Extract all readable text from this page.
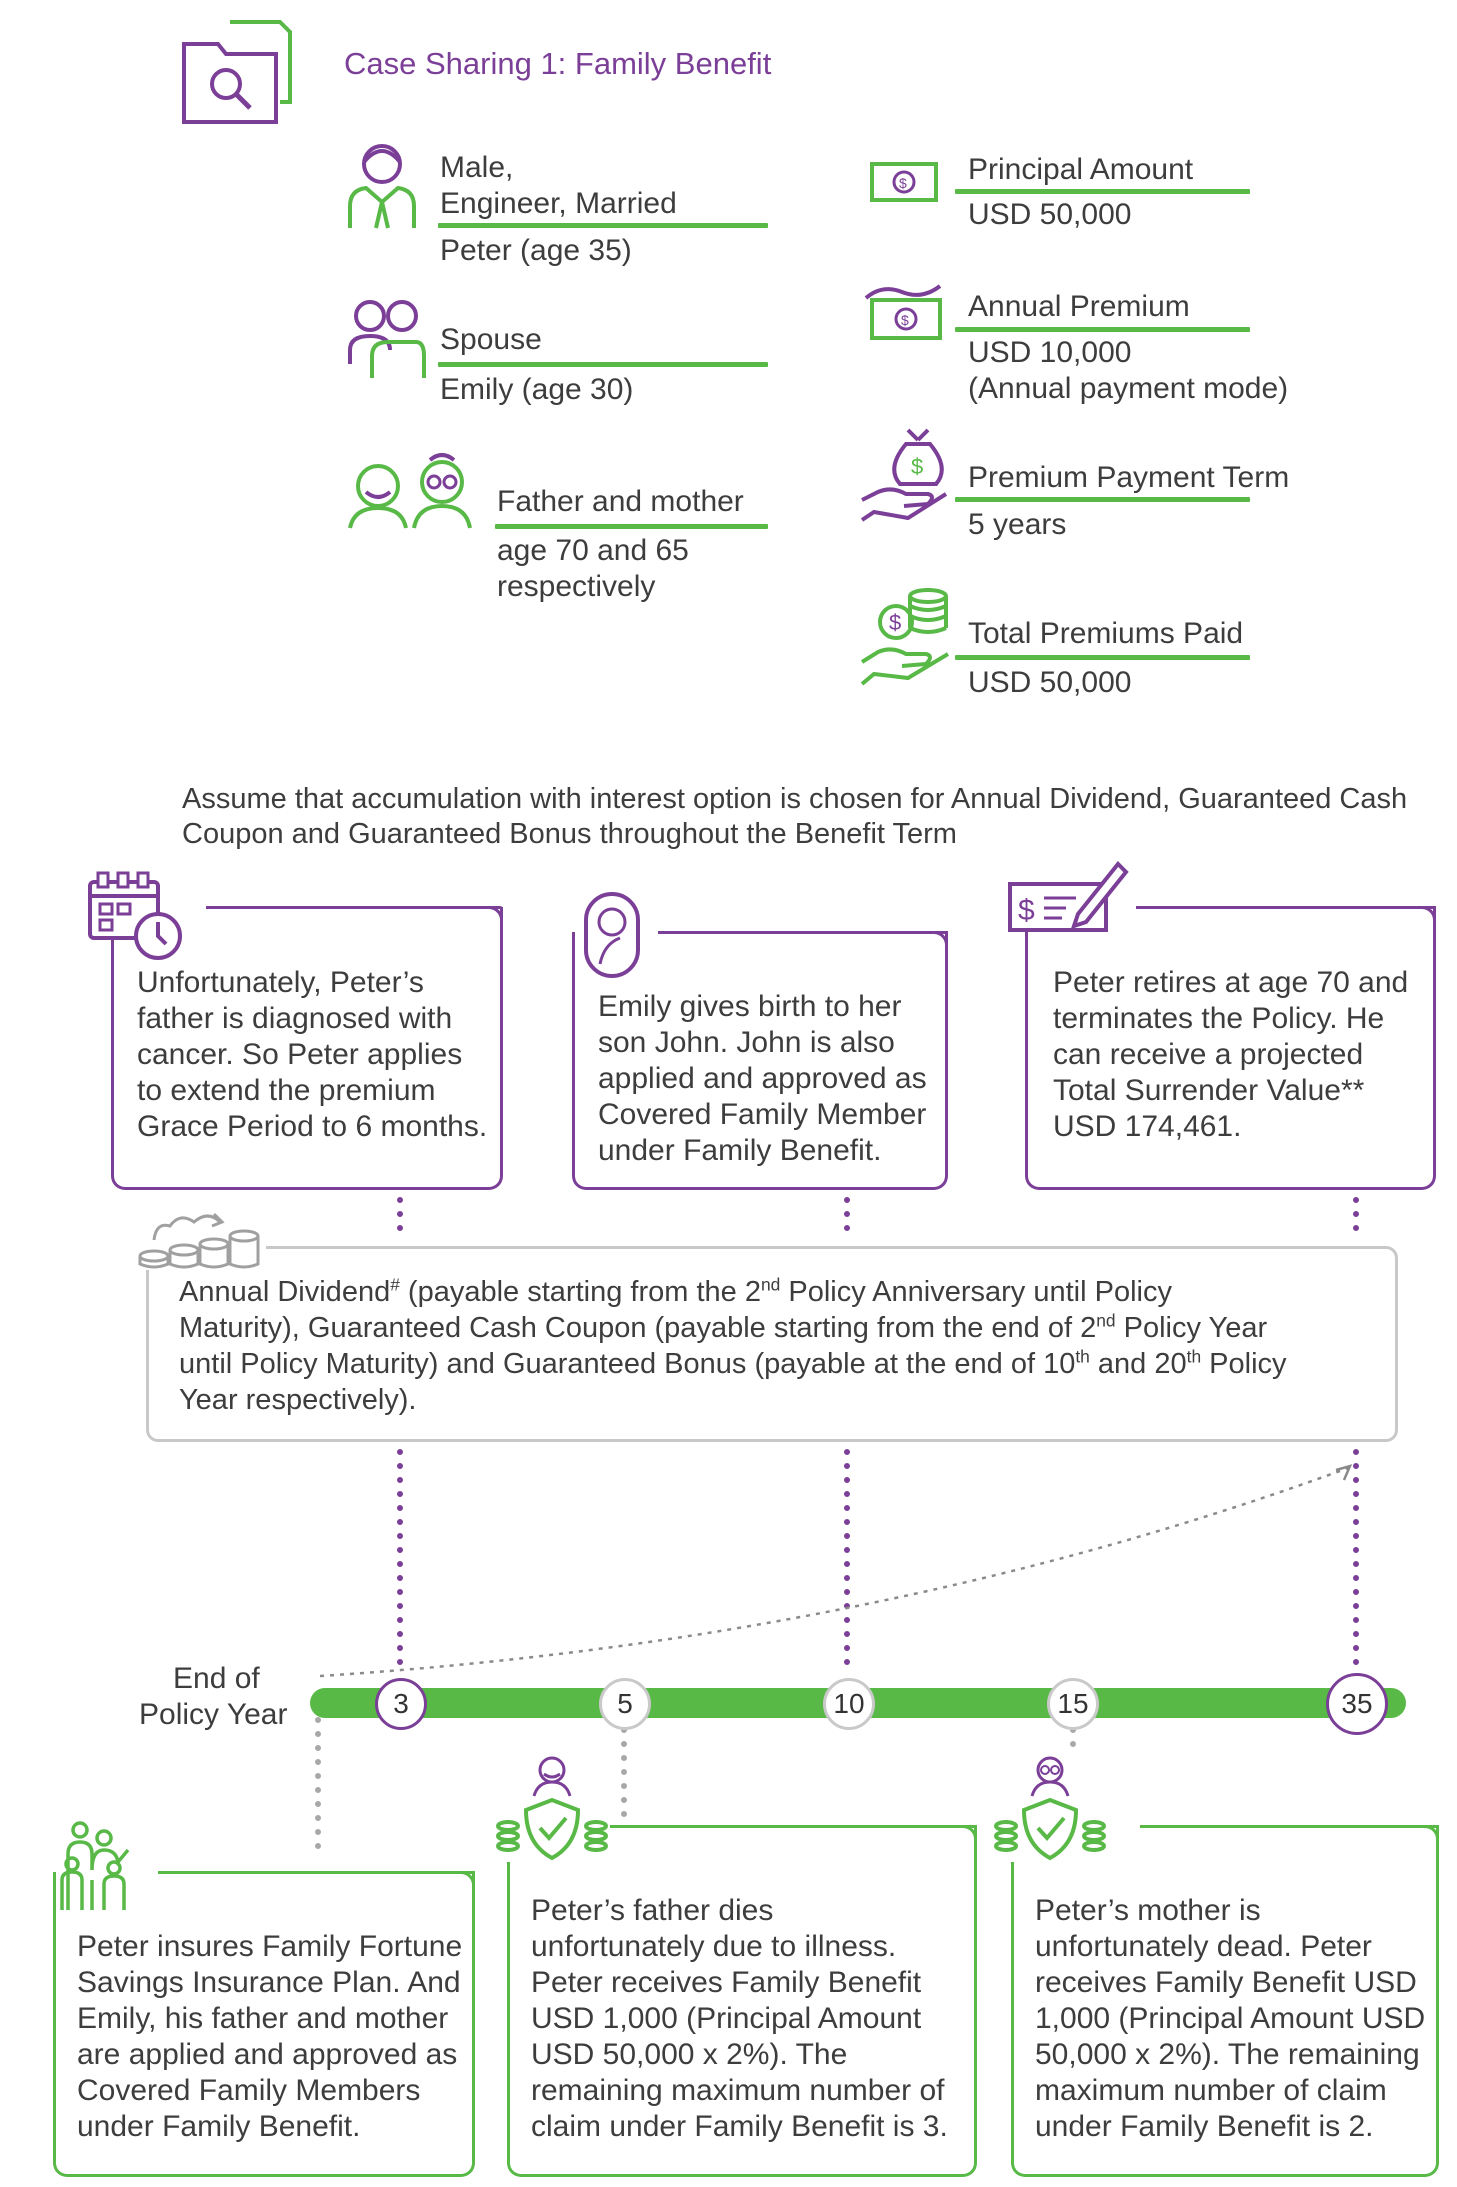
Case Sharing 1: Family Benefit
Male,
Engineer, Married
Peter (age 35)
Spouse
Emily (age 30)
Father and mother
age 70 and 65
respectively
$ Principal Amount
USD 50,000
$ Annual Premium
USD 10,000
(Annual payment mode)
$ Premium Payment Term
5 years
$ Total Premiums Paid
USD 50,000
Assume that accumulation with interest option is chosen for Annual Dividend, Guaranteed Cash
Coupon and Guaranteed Bonus throughout the Benefit Term
Unfortunately, Peter’s
father is diagnosed with
cancer. So Peter applies
to extend the premium
Grace Period to 6 months.
Emily gives birth to her
son John. John is also
applied and approved as
Covered Family Member
under Family Benefit.
$
Peter retires at age 70 and
terminates the Policy. He
can receive a projected
Total Surrender Value**
USD 174,461.
Annual Dividend# (payable starting from the 2nd Policy Anniversary until Policy
Maturity), Guaranteed Cash Coupon (payable starting from the end of 2nd Policy Year
until Policy Maturity) and Guaranteed Bonus (payable at the end of 10th and 20th Policy
Year respectively).
End of
Policy Year	3	5	10	15	35
Peter insures Family Fortune
Savings Insurance Plan. And
Emily, his father and mother
are applied and approved as
Covered Family Members
under Family Benefit.
Peter’s father dies
unfortunately due to illness.
Peter receives Family Benefit
USD 1,000 (Principal Amount
USD 50,000 x 2%). The
remaining maximum number of
claim under Family Benefit is 3.
Peter’s mother is
unfortunately dead. Peter
receives Family Benefit USD
1,000 (Principal Amount USD
50,000 x 2%). The remaining
maximum number of claim
under Family Benefit is 2.
